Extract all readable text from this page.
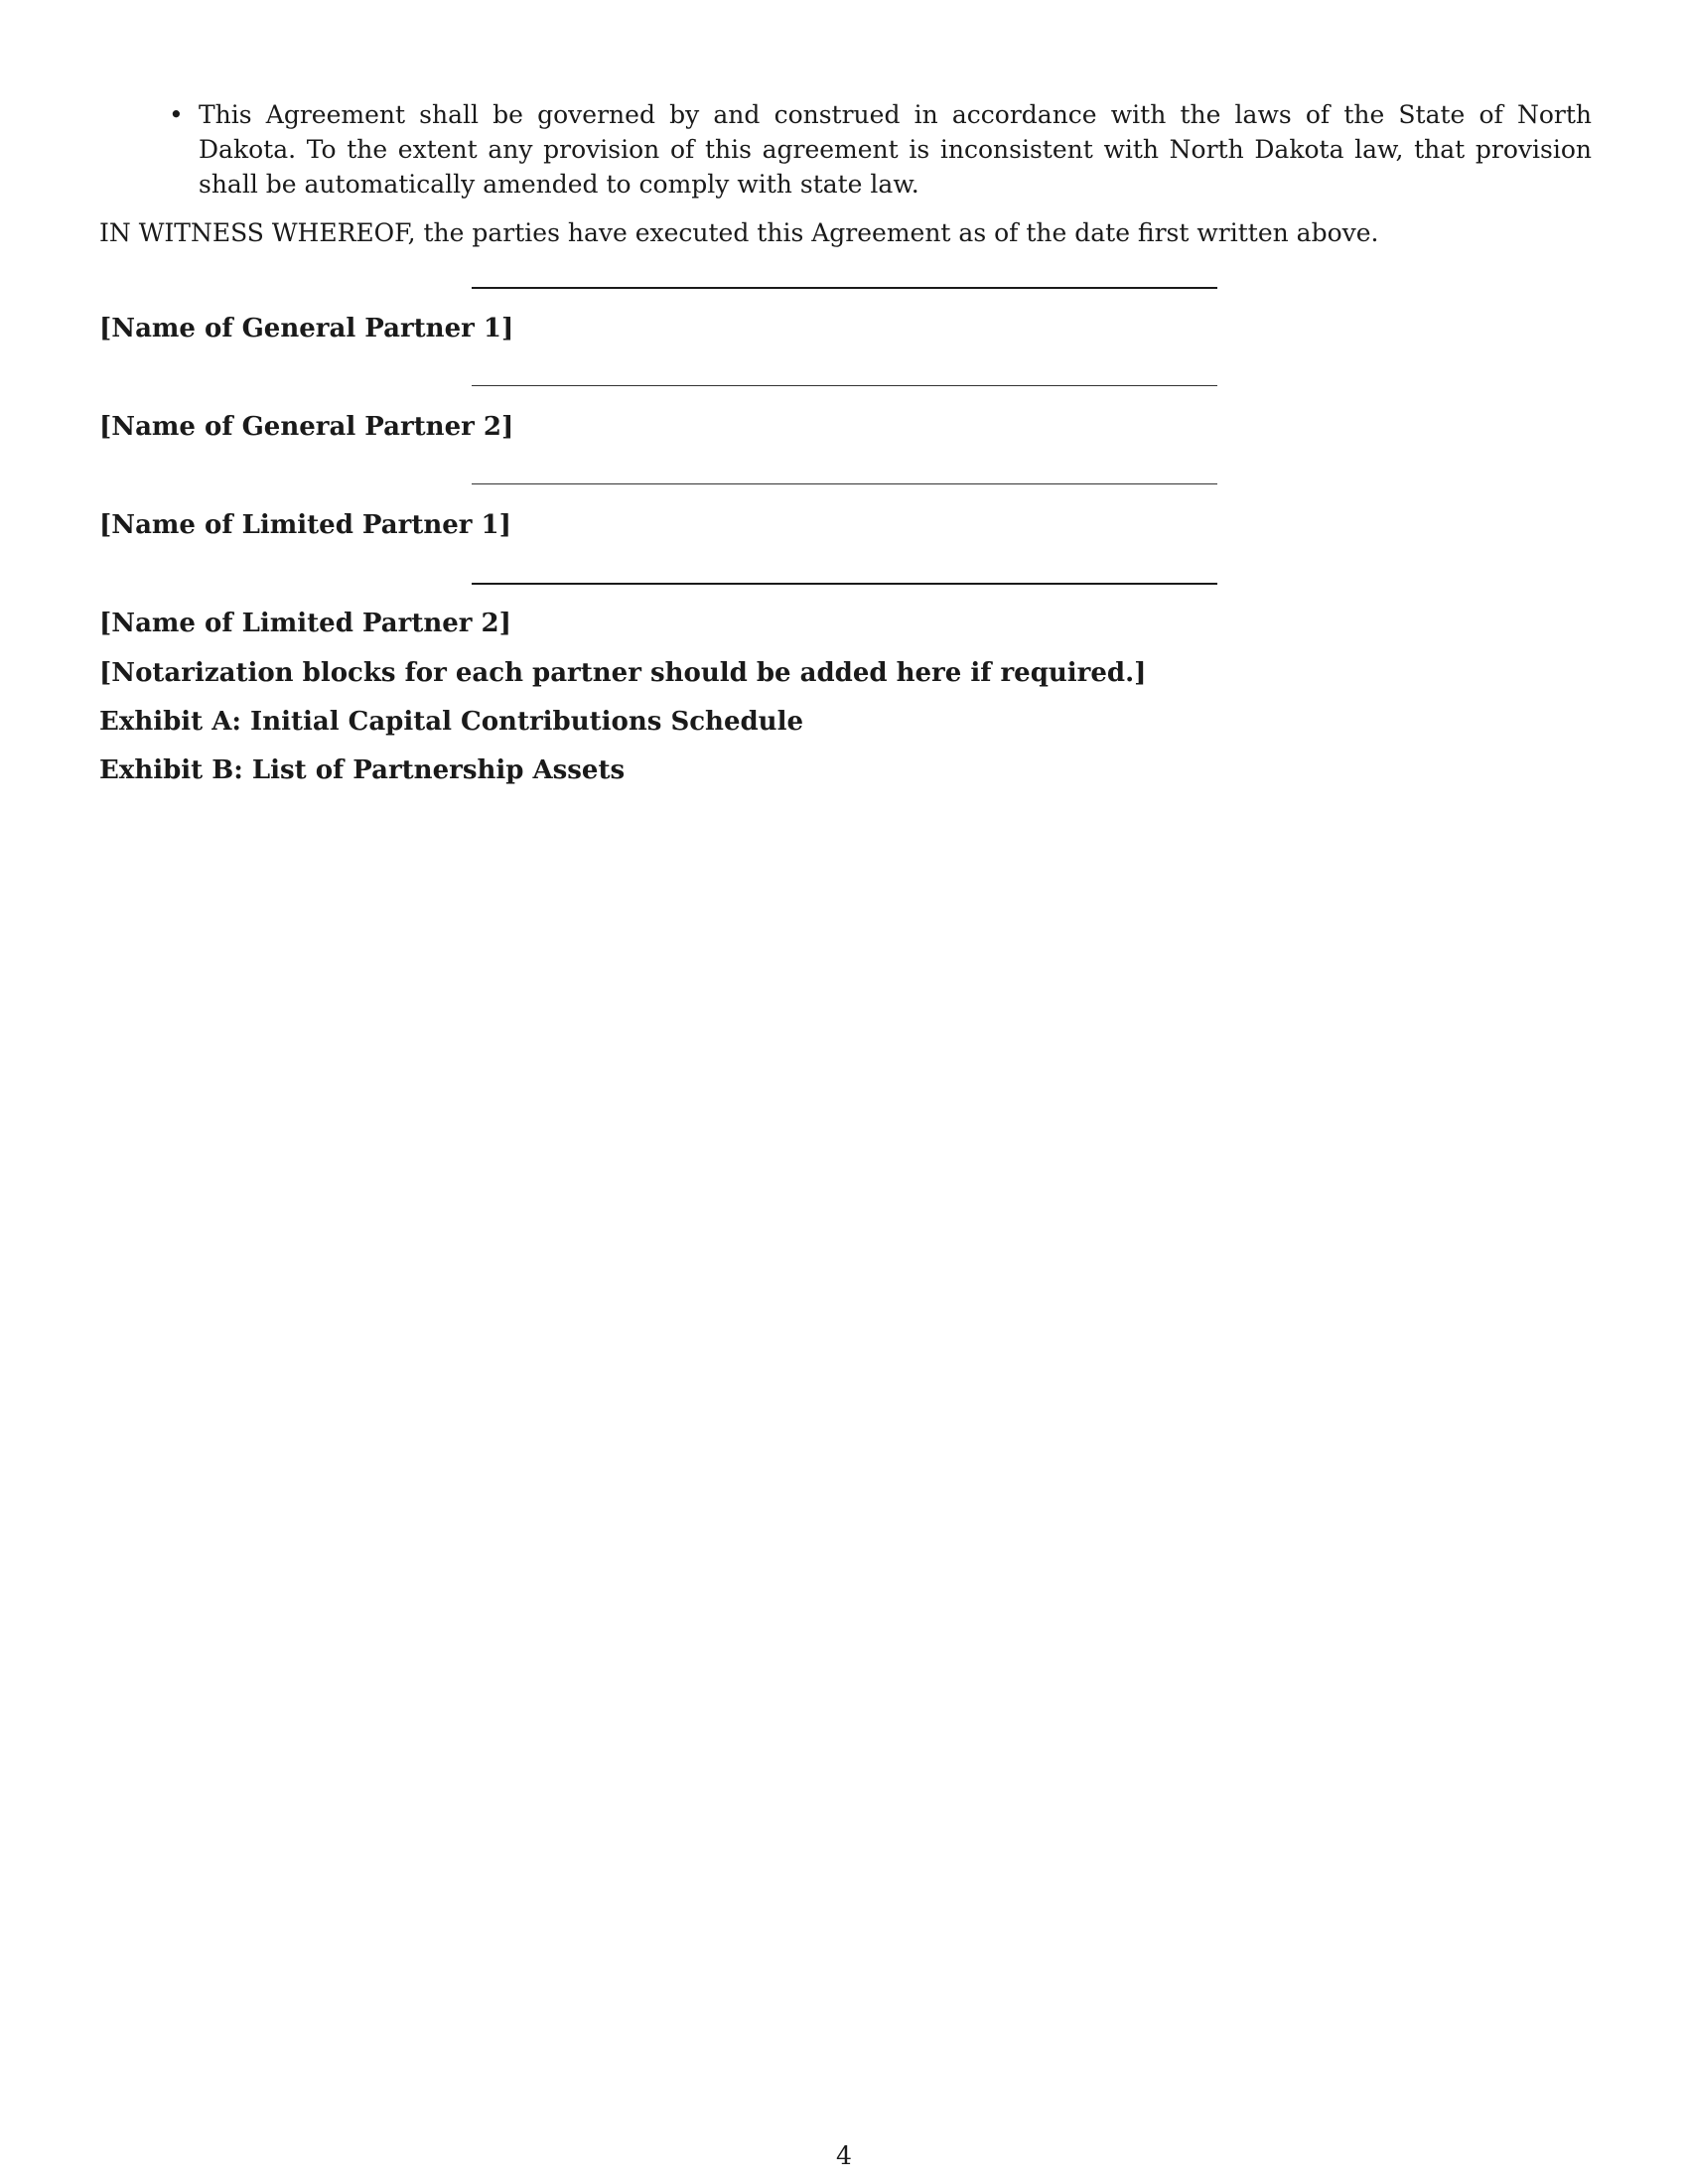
• This Agreement shall be governed by and construed in accordance with the laws of the State of North Dakota. To the extent any provision of this agreement is inconsistent with North Dakota law, that provision shall be automatically amended to comply with state law.

IN WITNESS WHEREOF, the parties have executed this Agreement as of the date first written above.

[Name of General Partner 1]

[Name of General Partner 2]

[Name of Limited Partner 1]

[Name of Limited Partner 2]

[Notarization blocks for each partner should be added here if required.]

Exhibit A: Initial Capital Contributions Schedule

Exhibit B: List of Partnership Assets

4
